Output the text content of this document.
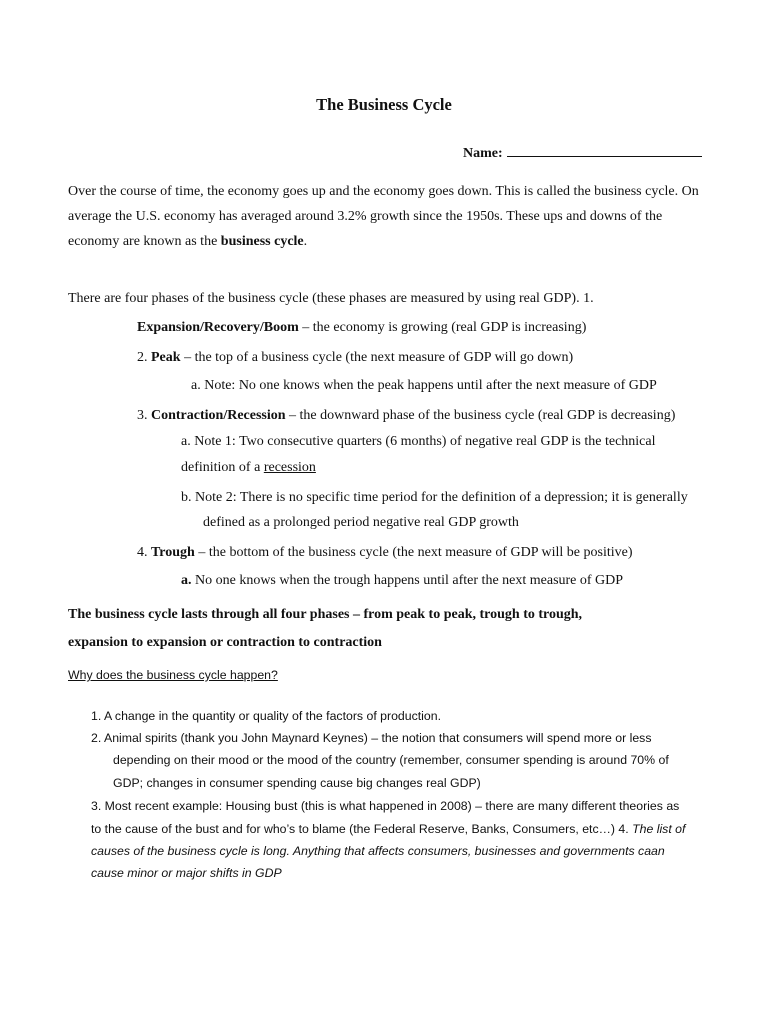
The Business Cycle
Name:
Over the course of time, the economy goes up and the economy goes down. This is called the business cycle. On
average the U.S. economy has averaged around 3.2% growth since the 1950s. These ups and downs of the
economy are known as the business cycle.
There are four phases of the business cycle (these phases are measured by using real GDP). 1.
Expansion/Recovery/Boom – the economy is growing (real GDP is increasing)
2. Peak – the top of a business cycle (the next measure of GDP will go down)
a. Note: No one knows when the peak happens until after the next measure of GDP
3. Contraction/Recession – the downward phase of the business cycle (real GDP is decreasing)
a. Note 1: Two consecutive quarters (6 months) of negative real GDP is the technical
definition of a recession
b. Note 2: There is no specific time period for the definition of a depression; it is generally
defined as a prolonged period negative real GDP growth
4. Trough – the bottom of the business cycle (the next measure of GDP will be positive)
a. No one knows when the trough happens until after the next measure of GDP
The business cycle lasts through all four phases – from peak to peak, trough to trough,
expansion to expansion or contraction to contraction
Why does the business cycle happen?
1. A change in the quantity or quality of the factors of production.
2. Animal spirits (thank you John Maynard Keynes) – the notion that consumers will spend more or less
depending on their mood or the mood of the country (remember, consumer spending is around 70% of
GDP; changes in consumer spending cause big changes real GDP)
3. Most recent example: Housing bust (this is what happened in 2008) – there are many different theories as
to the cause of the bust and for who’s to blame (the Federal Reserve, Banks, Consumers, etc…) 4. The list of
causes of the business cycle is long. Anything that affects consumers, businesses and governments caan
cause minor or major shifts in GDP
